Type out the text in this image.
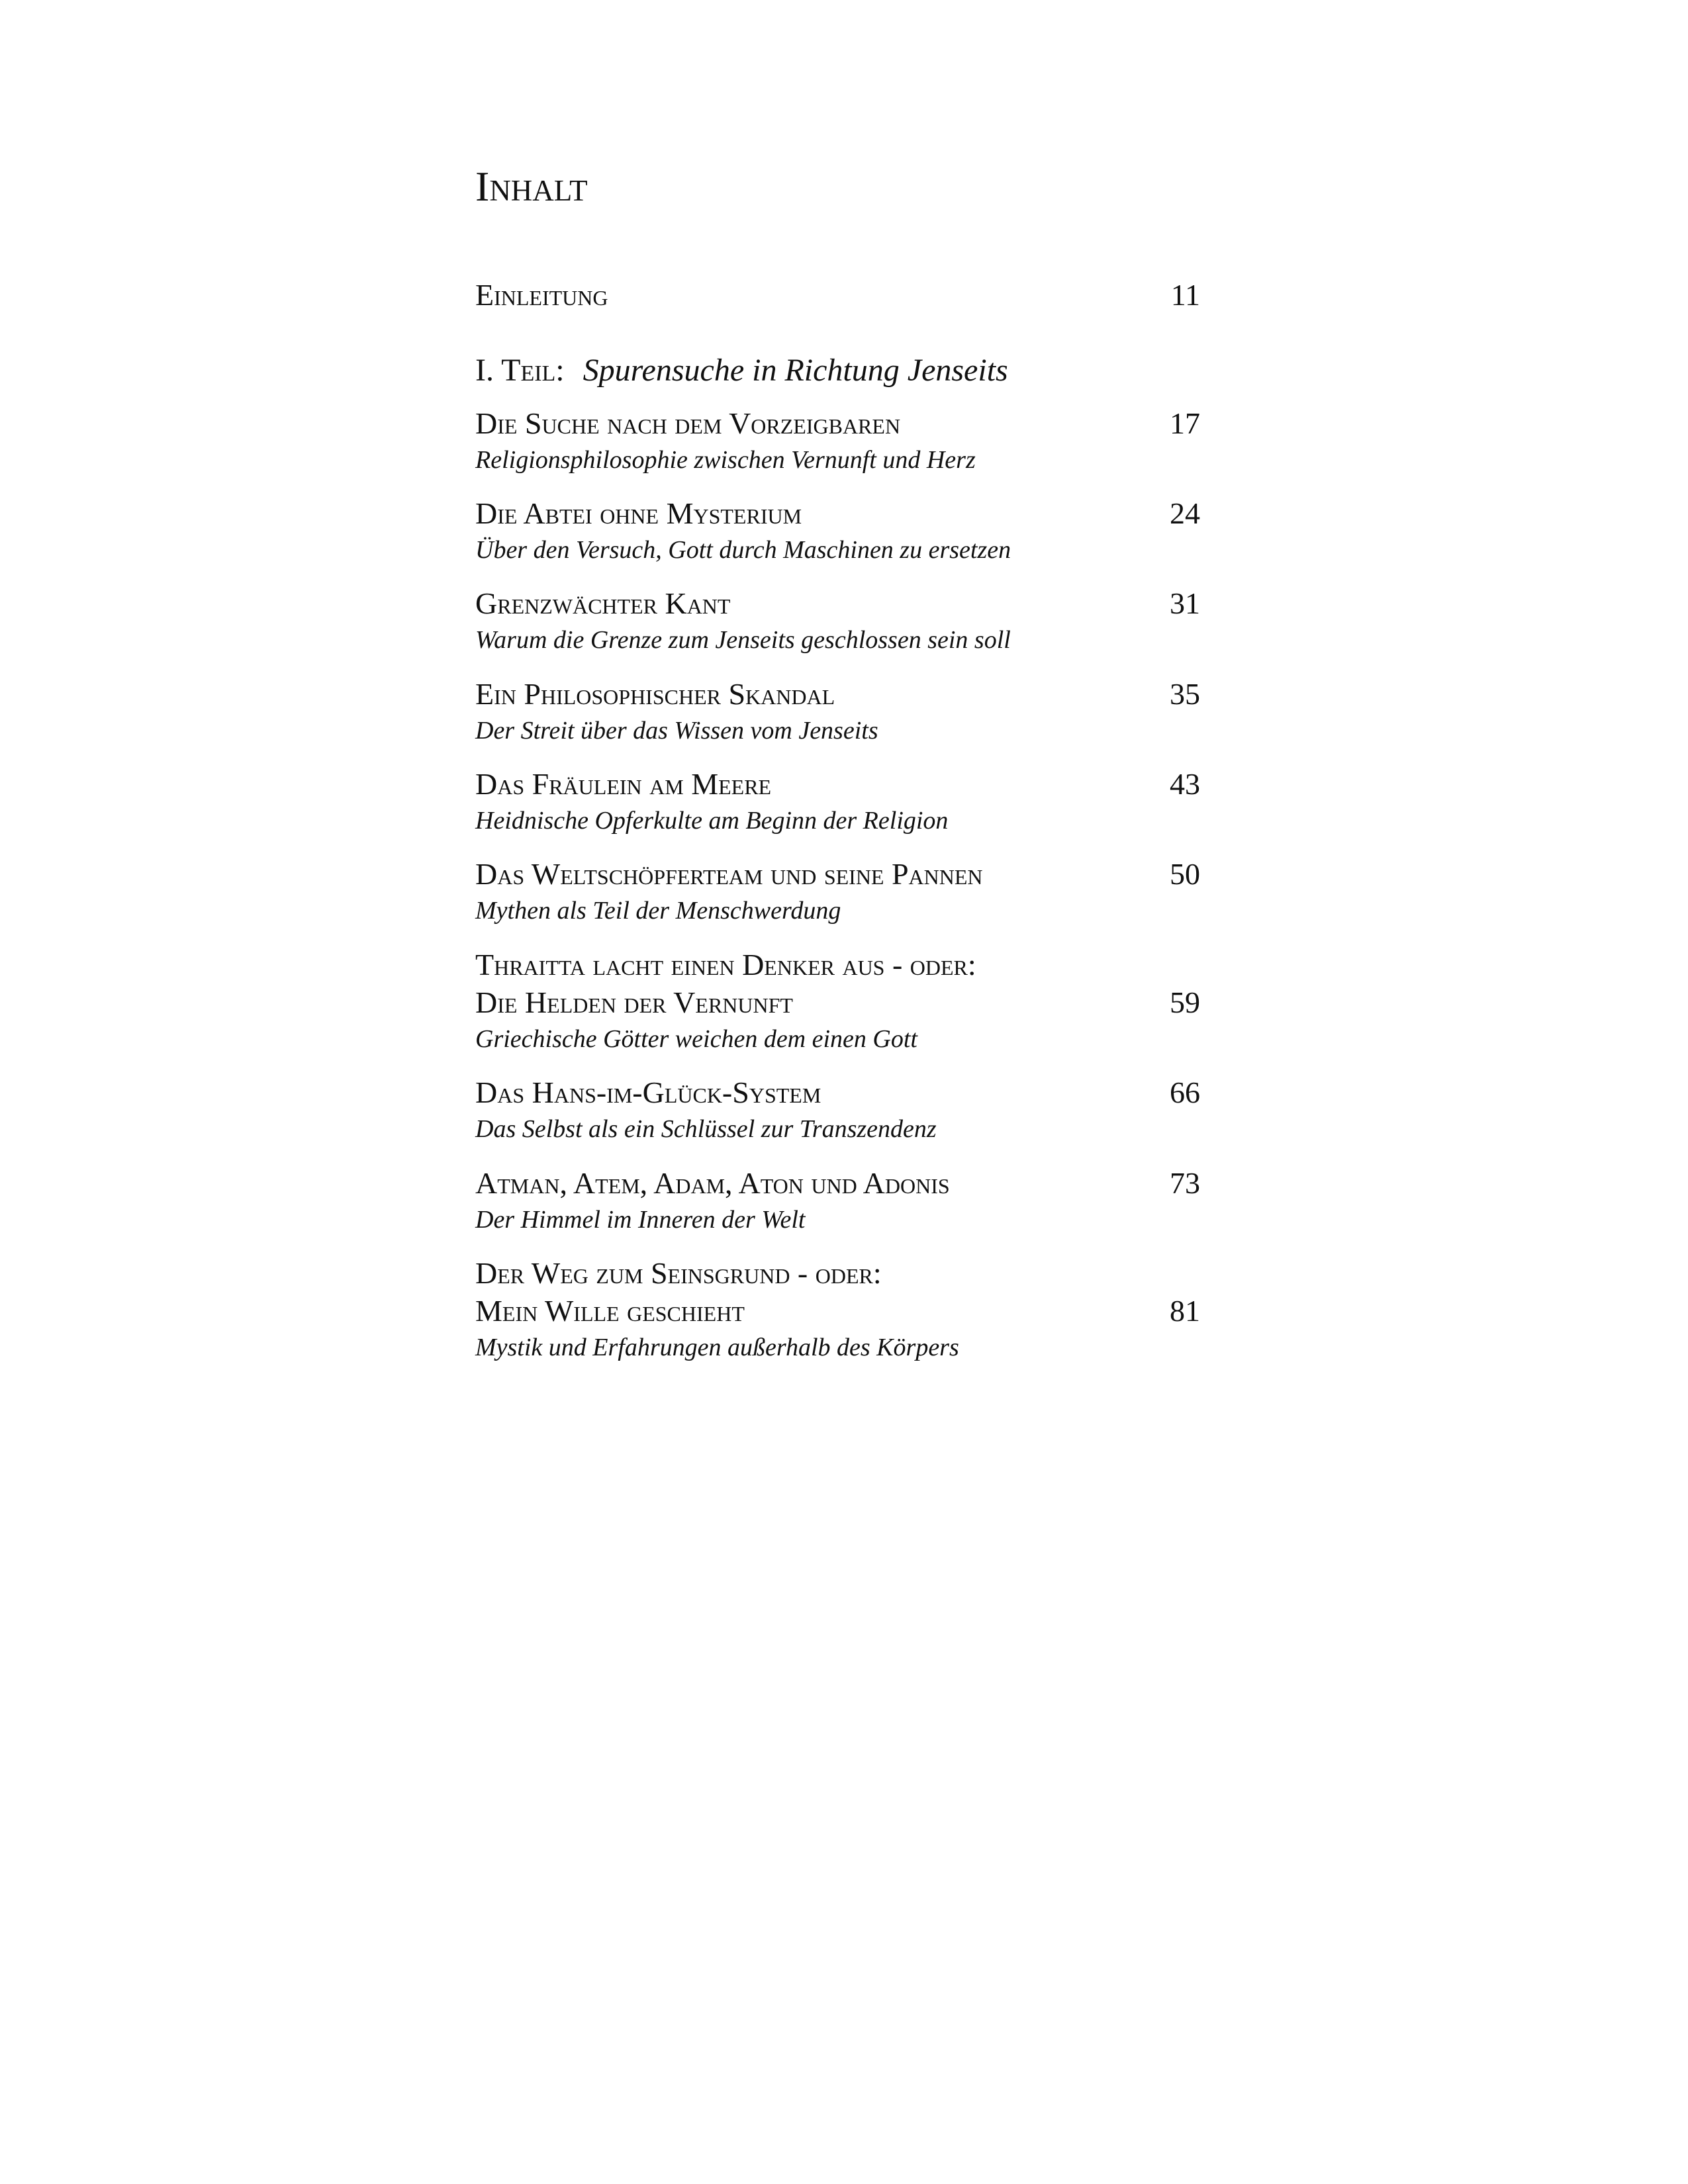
Inhalt
Einleitung	11
I. Teil: Spurensuche in Richtung Jenseits
Die Suche nach dem Vorzeigbaren	17
Religionsphilosophie zwischen Vernunft und Herz
Die Abtei ohne Mysterium	24
Über den Versuch, Gott durch Maschinen zu ersetzen
Grenzwächter Kant	31
Warum die Grenze zum Jenseits geschlossen sein soll
Ein Philosophischer Skandal	35
Der Streit über das Wissen vom Jenseits
Das Fräulein am Meere	43
Heidnische Opferkulte am Beginn der Religion
Das Weltschöpferteam und seine Pannen	50
Mythen als Teil der Menschwerdung
Thraitta lacht einen Denker aus - oder:
Die Helden der Vernunft	59
Griechische Götter weichen dem einen Gott
Das Hans-im-Glück-System	66
Das Selbst als ein Schlüssel zur Transzendenz
Atman, Atem, Adam, Aton und Adonis	73
Der Himmel im Inneren der Welt
Der Weg zum Seinsgrund - oder:
Mein Wille geschieht	81
Mystik und Erfahrungen außerhalb des Körpers
